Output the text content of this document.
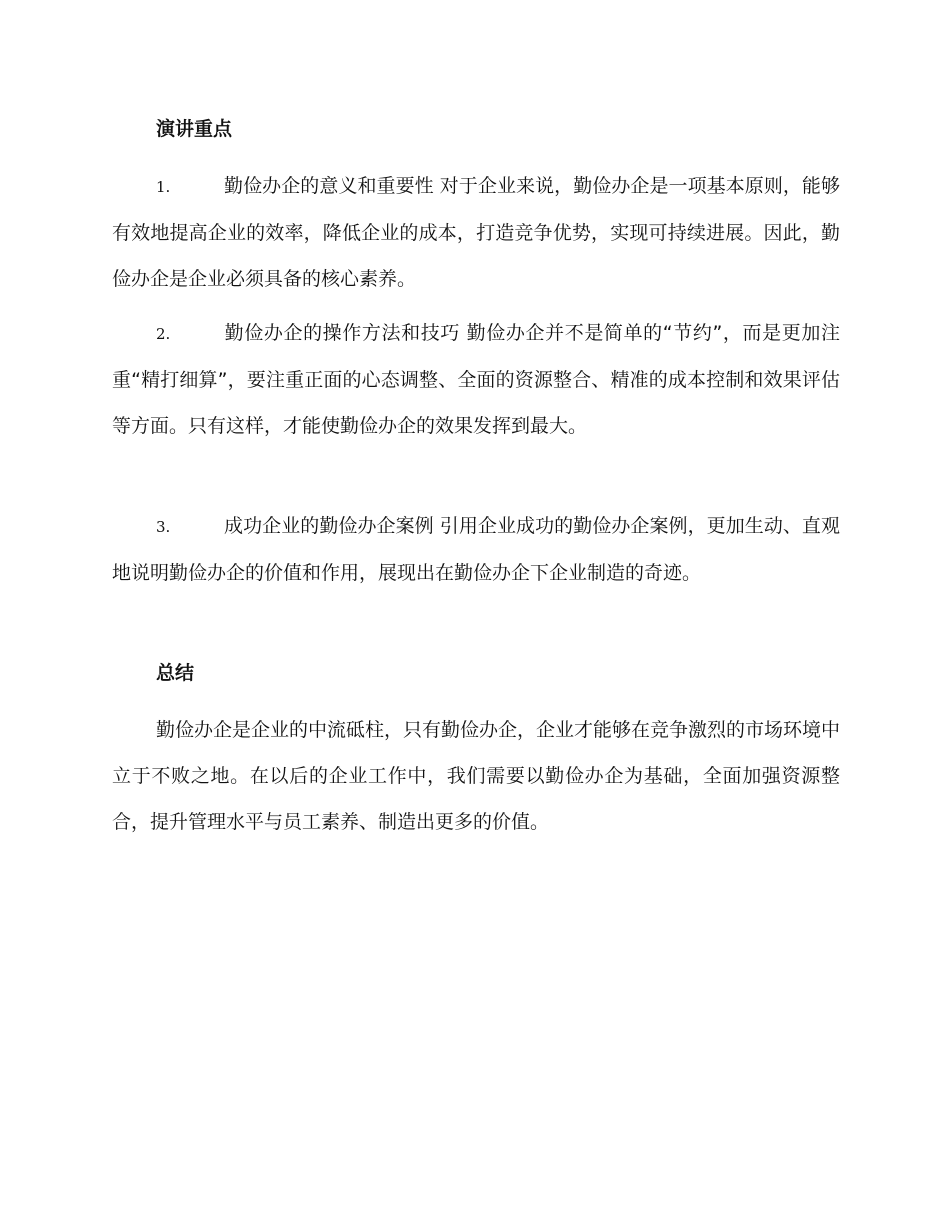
演讲重点

1.	勤俭办企的意义和重要性 对于企业来说，勤俭办企是一项基本原则，能够有效地提高企业的效率，降低企业的成本，打造竞争优势，实现可持续进展。因此，勤俭办企是企业必须具备的核心素养。

2.	勤俭办企的操作方法和技巧 勤俭办企并不是简单的“节约”，而是更加注重“精打细算”，要注重正面的心态调整、全面的资源整合、精准的成本控制和效果评估等方面。只有这样，才能使勤俭办企的效果发挥到最大。

3.	成功企业的勤俭办企案例 引用企业成功的勤俭办企案例，更加生动、直观地说明勤俭办企的价值和作用，展现出在勤俭办企下企业制造的奇迹。

总结

勤俭办企是企业的中流砥柱，只有勤俭办企，企业才能够在竞争激烈的市场环境中立于不败之地。在以后的企业工作中，我们需要以勤俭办企为基础，全面加强资源整合，提升管理水平与员工素养、制造出更多的价值。
